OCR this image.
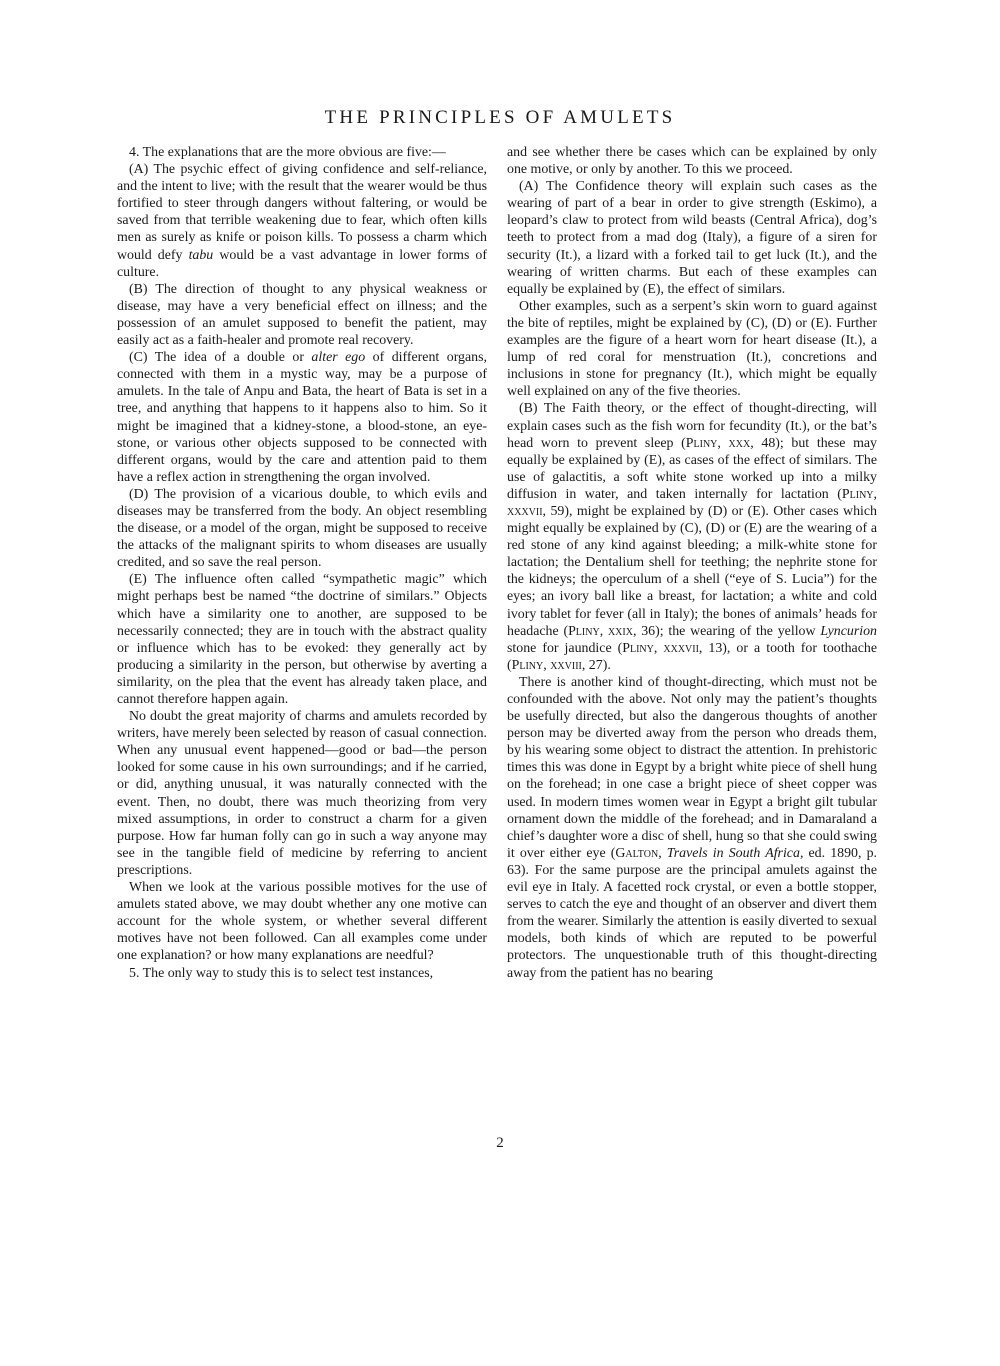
THE PRINCIPLES OF AMULETS

4. The explanations that are the more obvious are five:—

(A) The psychic effect of giving confidence and self-reliance, and the intent to live; with the result that the wearer would be thus fortified to steer through dangers without faltering, or would be saved from that terrible weakening due to fear, which often kills men as surely as knife or poison kills. To possess a charm which would defy tabu would be a vast advantage in lower forms of culture.

(B) The direction of thought to any physical weakness or disease, may have a very beneficial effect on illness; and the possession of an amulet supposed to benefit the patient, may easily act as a faith-healer and promote real recovery.

(C) The idea of a double or alter ego of different organs, connected with them in a mystic way, may be a purpose of amulets. In the tale of Anpu and Bata, the heart of Bata is set in a tree, and anything that happens to it happens also to him. So it might be imagined that a kidney-stone, a blood-stone, an eye-stone, or various other objects supposed to be connected with different organs, would by the care and attention paid to them have a reflex action in strengthening the organ involved.

(D) The provision of a vicarious double, to which evils and diseases may be transferred from the body. An object resembling the disease, or a model of the organ, might be supposed to receive the attacks of the malignant spirits to whom diseases are usually credited, and so save the real person.

(E) The influence often called “sympathetic magic” which might perhaps best be named “the doctrine of similars.” Objects which have a similarity one to another, are supposed to be necessarily connected; they are in touch with the abstract quality or influence which has to be evoked: they generally act by producing a similarity in the person, but otherwise by averting a similarity, on the plea that the event has already taken place, and cannot therefore happen again.

No doubt the great majority of charms and amulets recorded by writers, have merely been selected by reason of casual connection. When any unusual event happened—good or bad—the person looked for some cause in his own surroundings; and if he carried, or did, anything unusual, it was naturally connected with the event. Then, no doubt, there was much theorizing from very mixed assumptions, in order to construct a charm for a given purpose. How far human folly can go in such a way anyone may see in the tangible field of medicine by referring to ancient prescriptions.

When we look at the various possible motives for the use of amulets stated above, we may doubt whether any one motive can account for the whole system, or whether several different motives have not been followed. Can all examples come under one explanation? or how many explanations are needful?

5. The only way to study this is to select test instances,

and see whether there be cases which can be explained by only one motive, or only by another. To this we proceed.

(A) The Confidence theory will explain such cases as the wearing of part of a bear in order to give strength (Eskimo), a leopard’s claw to protect from wild beasts (Central Africa), dog’s teeth to protect from a mad dog (Italy), a figure of a siren for security (It.), a lizard with a forked tail to get luck (It.), and the wearing of written charms. But each of these examples can equally be explained by (E), the effect of similars.

Other examples, such as a serpent’s skin worn to guard against the bite of reptiles, might be explained by (C), (D) or (E). Further examples are the figure of a heart worn for heart disease (It.), a lump of red coral for menstruation (It.), concretions and inclusions in stone for pregnancy (It.), which might be equally well explained on any of the five theories.

(B) The Faith theory, or the effect of thought-directing, will explain cases such as the fish worn for fecundity (It.), or the bat’s head worn to prevent sleep (Pliny, xxx, 48); but these may equally be explained by (E), as cases of the effect of similars. The use of galactitis, a soft white stone worked up into a milky diffusion in water, and taken internally for lactation (Pliny, xxxvii, 59), might be explained by (D) or (E). Other cases which might equally be explained by (C), (D) or (E) are the wearing of a red stone of any kind against bleeding; a milk-white stone for lactation; the Dentalium shell for teething; the nephrite stone for the kidneys; the operculum of a shell (“eye of S. Lucia”) for the eyes; an ivory ball like a breast, for lactation; a white and cold ivory tablet for fever (all in Italy); the bones of animals’ heads for headache (Pliny, xxix, 36); the wearing of the yellow Lyncurion stone for jaundice (Pliny, xxxvii, 13), or a tooth for toothache (Pliny, xxviii, 27).

There is another kind of thought-directing, which must not be confounded with the above. Not only may the patient’s thoughts be usefully directed, but also the dangerous thoughts of another person may be diverted away from the person who dreads them, by his wearing some object to distract the attention. In prehistoric times this was done in Egypt by a bright white piece of shell hung on the forehead; in one case a bright piece of sheet copper was used. In modern times women wear in Egypt a bright gilt tubular ornament down the middle of the forehead; and in Damaraland a chief’s daughter wore a disc of shell, hung so that she could swing it over either eye (Galton, Travels in South Africa, ed. 1890, p. 63). For the same purpose are the principal amulets against the evil eye in Italy. A facetted rock crystal, or even a bottle stopper, serves to catch the eye and thought of an observer and divert them from the wearer. Similarly the attention is easily diverted to sexual models, both kinds of which are reputed to be powerful protectors. The unquestionable truth of this thought-directing away from the patient has no bearing

2
